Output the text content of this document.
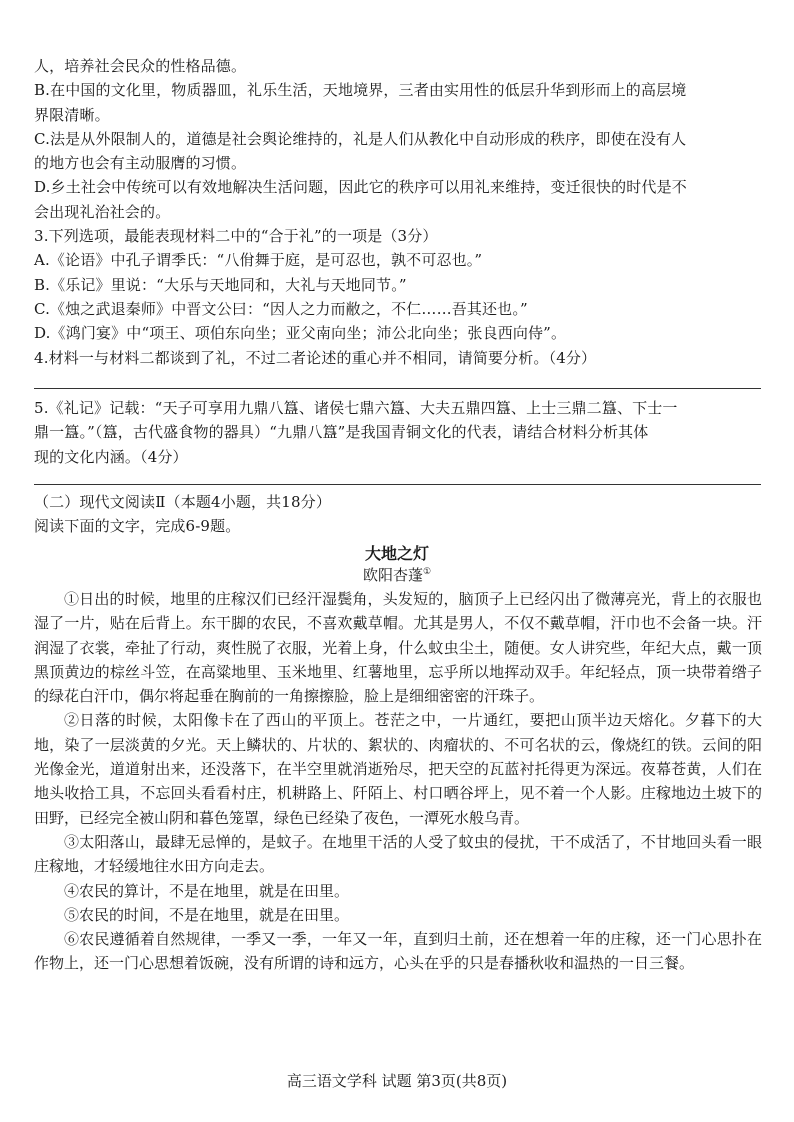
人，培养社会民众的性格品德。
B.在中国的文化里，物质器皿，礼乐生活，天地境界，三者由实用性的低层升华到形而上的高层境
界限清晰。
C.法是从外限制人的，道德是社会舆论维持的，礼是人们从教化中自动形成的秩序，即使在没有人
的地方也会有主动服膺的习惯。
D.乡土社会中传统可以有效地解决生活问题，因此它的秩序可以用礼来维持，变迁很快的时代是不
会出现礼治社会的。
3.下列选项，最能表现材料二中的“合于礼”的一项是（3分）
A.《论语》中孔子谓季氏：“八佾舞于庭，是可忍也，孰不可忍也。”
B.《乐记》里说：“大乐与天地同和，大礼与天地同节。”
C.《烛之武退秦师》中晋文公曰：“因人之力而敝之，不仁……吾其还也。”
D.《鸿门宴》中“项王、项伯东向坐；亚父南向坐；沛公北向坐；张良西向侍”。
4.材料一与材料二都谈到了礼，不过二者论述的重心并不相同，请简要分析。（4分）
5.《礼记》记载：“天子可享用九鼎八簋、诸侯七鼎六簋、大夫五鼎四簋、上士三鼎二簋、下士一
鼎一簋。”（簋，古代盛食物的器具）“九鼎八簋”是我国青铜文化的代表，请结合材料分析其体
现的文化内涵。（4分）
（二）现代文阅读Ⅱ（本题4小题，共18分）
阅读下面的文字，完成6-9题。
大地之灯
欧阳杏蓬①

①日出的时候，地里的庄稼汉们已经汗湿鬓角，头发短的，脑顶子上已经闪出了微薄亮光，背上的衣服也湿了一片，贴在后背上。东干脚的农民，不喜欢戴草帽。尤其是男人，不仅不戴草帽，汗巾也不会备一块。汗润湿了衣裳，牵扯了行动，爽性脱了衣服，光着上身，什么蚊虫尘土，随便。女人讲究些，年纪大点，戴一顶黑顶黄边的棕丝斗笠，在高粱地里、玉米地里、红薯地里，忘乎所以地挥动双手。年纪轻点，顶一块带着绺子的绿花白汗巾，偶尔将起垂在胸前的一角擦擦脸，脸上是细细密密的汗珠子。

②日落的时候，太阳像卡在了西山的平顶上。苍茫之中，一片通红，要把山顶半边天熔化。夕暮下的大地，染了一层淡黄的夕光。天上鳞状的、片状的、絮状的、肉瘤状的、不可名状的云，像烧红的铁。云间的阳光像金光，道道射出来，还没落下，在半空里就消逝殆尽，把天空的瓦蓝衬托得更为深远。夜幕苍黄，人们在地头收拾工具，不忘回头看看村庄，机耕路上、阡陌上、村口晒谷坪上，见不着一个人影。庄稼地边土坡下的田野，已经完全被山阴和暮色笼罩，绿色已经染了夜色，一潭死水般乌青。

③太阳落山，最肆无忌惮的，是蚊子。在地里干活的人受了蚊虫的侵扰，干不成活了，不甘地回头看一眼庄稼地，才轻缓地往水田方向走去。

④农民的算计，不是在地里，就是在田里。

⑤农民的时间，不是在地里，就是在田里。

⑥农民遵循着自然规律，一季又一季，一年又一年，直到归土前，还在想着一年的庄稼，还一门心思扑在作物上，还一门心思想着饭碗，没有所谓的诗和远方，心头在乎的只是春播秋收和温热的一日三餐。

高三语文学科 试题 第3页(共8页)
